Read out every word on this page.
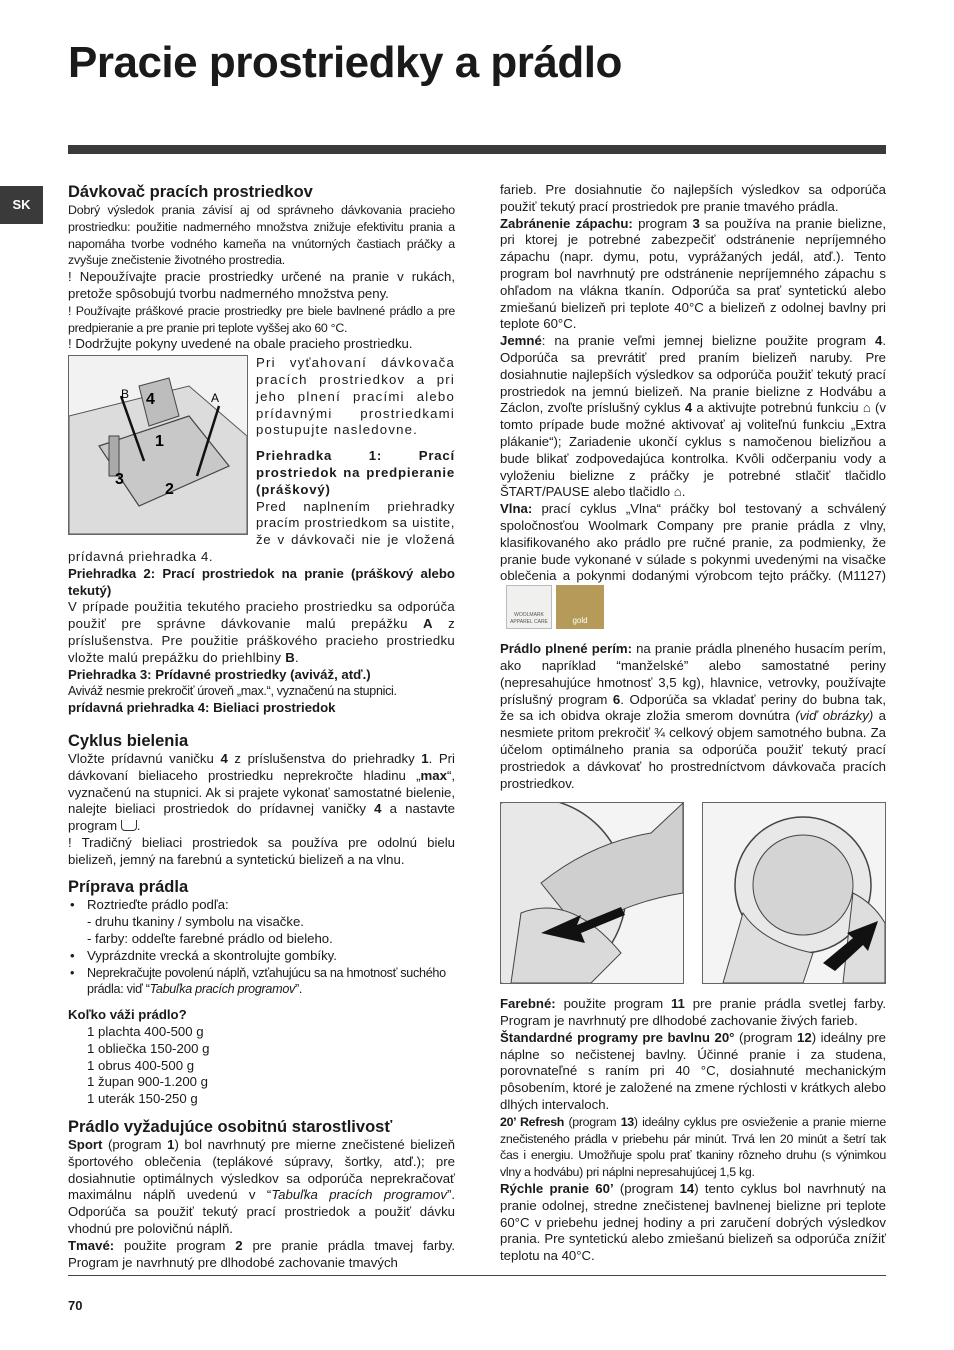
Pracie prostriedky a prádlo
SK
Dávkovač pracích prostriedkov

Dobrý výsledok prania závisí aj od správneho dávkovania pracieho prostriedku: použitie nadmerného množstva znižuje efektivitu prania a napomáha tvorbe vodného kameňa na vnútorných častiach práčky a zvyšuje znečistenie životného prostredia.

! Nepoužívajte pracie prostriedky určené na pranie v rukách, pretože spôsobujú tvorbu nadmerného množstva peny.

! Používajte práškové pracie prostriedky pre biele bavlnené prádlo a pre predpieranie a pre pranie pri teplote vyššej ako 60 °C.

! Dodržujte pokyny uvedené na obale pracieho prostriedku.

B 4	A
1
3
2

Pri vyťahovaní dávkovača pracích prostriedkov a pri jeho plnení pracími alebo prídavnými prostriedkami postupujte nasledovne.

Priehradka 1: Prací prostriedok na predpieranie (práškový)

Pred naplnením priehradky pracím prostriedkom sa uistite, že v dávkovači nie je vložená prídavná priehradka 4.

Priehradka 2: Prací prostriedok na pranie (práškový alebo tekutý)

V prípade použitia tekutého pracieho prostriedku sa odporúča použiť pre správne dávkovanie malú prepážku A z príslušenstva. Pre použitie práškového pracieho prostriedku vložte malú prepážku do priehlbiny B.

Priehradka 3: Prídavné prostriedky (aviváž, atď.)

Aviváž nesmie prekročiť úroveň „max.“, vyznačenú na stupnici.

prídavná priehradka 4: Bieliaci prostriedok

Cyklus bielenia

Vložte prídavnú vaničku 4 z príslušenstva do priehradky 1. Pri dávkovaní bieliaceho prostriedku neprekročte hladinu „max“, vyznačenú na stupnici. Ak si prajete vykonať samostatné bielenie, nalejte bieliaci prostriedok do prídavnej vaničky 4 a nastavte program .

! Tradičný bieliaci prostriedok sa používa pre odolnú bielu bielizeň, jemný na farebnú a syntetickú bielizeň a na vlnu.

Príprava prádla
• Roztrieďte prádlo podľa:
- druhu tkaniny / symbolu na visačke.
- farby: oddeľte farebné prádlo od bieleho.
• Vyprázdnite vrecká a skontrolujte gombíky.
• Neprekračujte povolenú náplň, vzťahujúcu sa na hmotnosť suchého prádla: viď “Tabuľka pracích programov”.

Koľko váži prádlo?

1 plachta 400-500 g
1 obliečka 150-200 g
1 obrus 400-500 g
1 župan 900-1.200 g
1 uterák 150-250 g
Prádlo vyžadujúce osobitnú starostlivosť

Sport (program 1) bol navrhnutý pre mierne znečistené bielizeň športového oblečenia (teplákové súpravy, šortky, atď.); pre dosiahnutie optimálnych výsledkov sa odporúča neprekračovať maximálnu náplň uvedenú v “Tabuľka pracích programov”. Odporúča sa použiť tekutý prací prostriedok a použiť dávku vhodnú pre polovičnú náplň.

Tmavé: použite program 2 pre pranie prádla tmavej farby. Program je navrhnutý pre dlhodobé zachovanie tmavých

farieb. Pre dosiahnutie čo najlepších výsledkov sa odporúča použiť tekutý prací prostriedok pre pranie tmavého prádla.

Zabránenie zápachu: program 3 sa používa na pranie bielizne, pri ktorej je potrebné zabezpečiť odstránenie nepríjemného zápachu (napr. dymu, potu, vyprážaných jedál, atď.). Tento program bol navrhnutý pre odstránenie nepríjemného zápachu s ohľadom na vlákna tkanín. Odporúča sa prať syntetickú alebo zmiešanú bielizeň pri teplote 40°C a bielizeň z odolnej bavlny pri teplote 60°C.

Jemné: na pranie veľmi jemnej bielizne použite program 4. Odporúča sa prevrátiť pred praním bielizeň naruby. Pre dosiahnutie najlepších výsledkov sa odporúča použiť tekutý prací prostriedok na jemnú bielizeň. Na pranie bielizne z Hodvábu a Záclon, zvoľte príslušný cyklus 4 a aktivujte potrebnú funkciu ⌂ (v tomto prípade bude možné aktivovať aj voliteľnú funkciu „Extra plákanie“); Zariadenie ukončí cyklus s namočenou bielizňou a bude blikať zodpovedajúca kontrolka. Kvôli odčerpaniu vody a vyloženiu bielizne z práčky je potrebné stlačiť tlačidlo ŠTART/PAUSE alebo tlačidlo ⌂.

Vlna: prací cyklus „Vlna“ práčky bol testovaný a schválený spoločnosťou Woolmark Company pre pranie prádla z vlny, klasifikovaného ako prádlo pre ručné pranie, za podmienky, že pranie bude vykonané v súlade s pokynmi uvedenými na visačke oblečenia a pokynmi dodanými výrobcom tejto práčky. (M1127)
WOOLMARK APPAREL CARE	gold

Prádlo plnené perím: na pranie prádla plneného husacím perím, ako napríklad “manželské” alebo samostatné periny (nepresahujúce hmotnosť 3,5 kg), hlavnice, vetrovky, používajte príslušný program 6. Odporúča sa vkladať periny do bubna tak, že sa ich obidva okraje zložia smerom dovnútra (viď obrázky) a nesmiete pritom prekročiť ¾ celkový objem samotného bubna. Za účelom optimálneho prania sa odporúča použiť tekutý prací prostriedok a dávkovať ho prostredníctvom dávkovača pracích prostriedkov.

Farebné: použite program 11 pre pranie prádla svetlej farby. Program je navrhnutý pre dlhodobé zachovanie živých farieb.

Štandardné programy pre bavlnu 20° (program 12) ideálny pre náplne so nečistenej bavlny. Účinné pranie i za studena, porovnateľné s raním pri 40 °C, dosiahnuté mechanickým pôsobením, ktoré je založené na zmene rýchlosti v krátkych alebo dlhých intervaloch.

20’ Refresh (program 13) ideálny cyklus pre osvieženie a pranie mierne znečisteného prádla v priebehu pár minút. Trvá len 20 minút a šetrí tak čas i energiu. Umožňuje spolu prať tkaniny rôzneho druhu (s výnimkou vlny a hodvábu) pri náplni nepresahujúcej 1,5 kg.

Rýchle pranie 60’ (program 14) tento cyklus bol navrhnutý na pranie odolnej, stredne znečistenej bavlnenej bielizne pri teplote 60°C v priebehu jednej hodiny a pri zaručení dobrých výsledkov prania. Pre syntetickú alebo zmiešanú bielizeň sa odporúča znížiť teplotu na 40°C.

70
